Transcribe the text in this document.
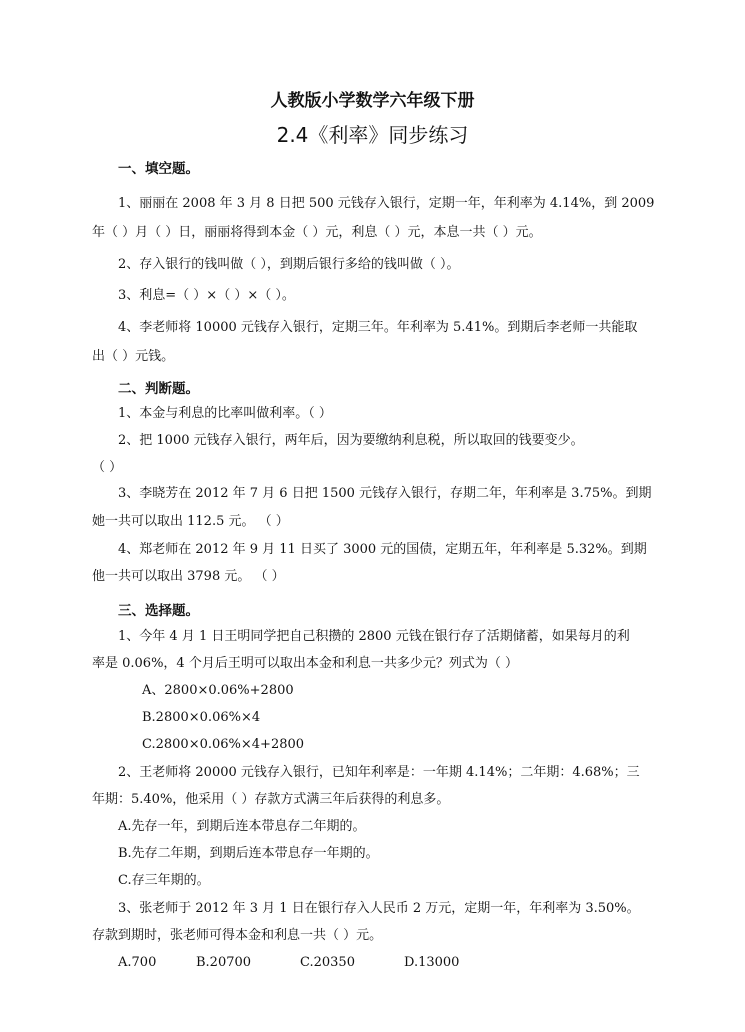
人教版小学数学六年级下册
2.4《利率》同步练习
一、填空题。
1、丽丽在 2008 年 3 月 8 日把 500 元钱存入银行，定期一年，年利率为 4.14%，到 2009
年（ ）月（ ）日，丽丽将得到本金（ ）元，利息（ ）元，本息一共（ ）元。
2、存入银行的钱叫做（ ），到期后银行多给的钱叫做（ ）。
3、利息=（ ）×（ ）×（ ）。
4、李老师将 10000 元钱存入银行，定期三年。年利率为 5.41%。到期后李老师一共能取
出（ ）元钱。
二、判断题。
1、本金与利息的比率叫做利率。（ ）
2、把 1000 元钱存入银行，两年后，因为要缴纳利息税，所以取回的钱要变少。
（ ）
3、李晓芳在 2012 年 7 月 6 日把 1500 元钱存入银行，存期二年，年利率是 3.75%。到期
她一共可以取出 112.5 元。 （ ）
4、郑老师在 2012 年 9 月 11 日买了 3000 元的国债，定期五年，年利率是 5.32%。到期
他一共可以取出 3798 元。 （ ）
三、选择题。
1、今年 4 月 1 日王明同学把自己积攒的 2800 元钱在银行存了活期储蓄，如果每月的利
率是 0.06%，4 个月后王明可以取出本金和利息一共多少元？列式为（ ）
A、2800×0.06%+2800
B.2800×0.06%×4
C.2800×0.06%×4+2800
2、王老师将 20000 元钱存入银行，已知年利率是：一年期 4.14%；二年期：4.68%；三
年期：5.40%，他采用（ ）存款方式满三年后获得的利息多。
A.先存一年，到期后连本带息存二年期的。
B.先存二年期，到期后连本带息存一年期的。
C.存三年期的。
3、张老师于 2012 年 3 月 1 日在银行存入人民币 2 万元，定期一年，年利率为 3.50%。
存款到期时，张老师可得本金和利息一共（ ）元。
A.700	B.20700	C.20350	D.13000
